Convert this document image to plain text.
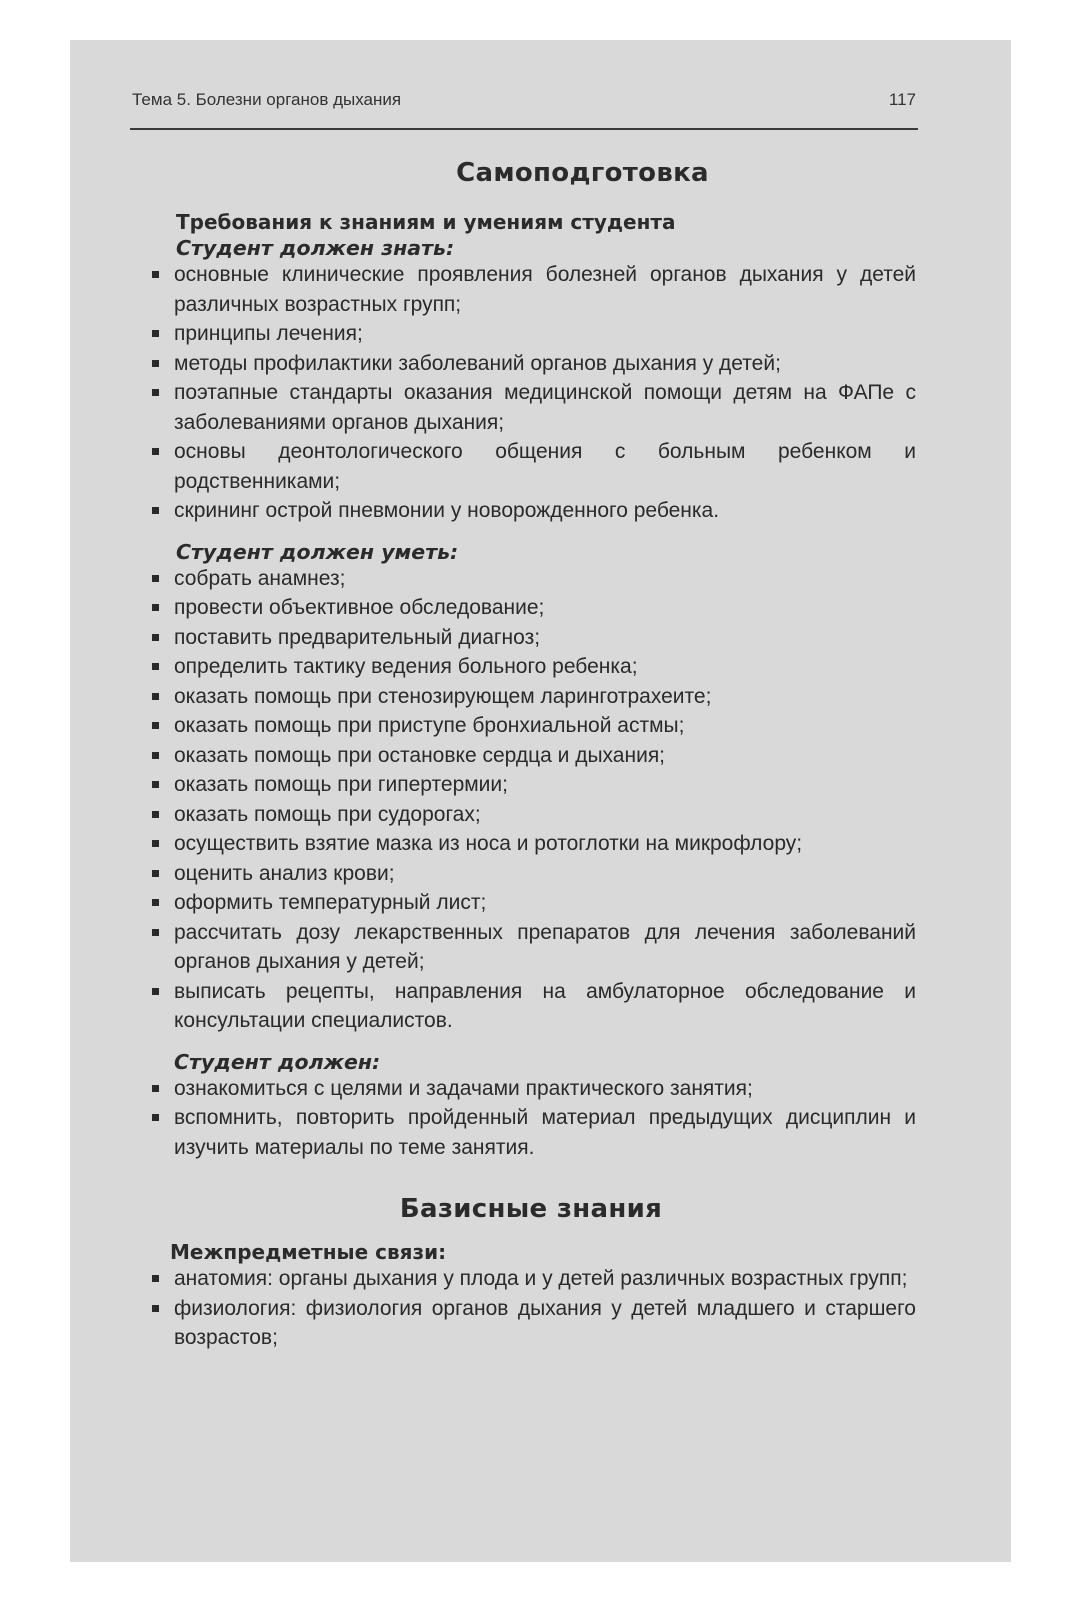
Тема 5. Болезни органов дыхания	117
Самоподготовка

Требования к знаниям и умениям студента

Студент должен знать:

основные клинические проявления болезней органов дыхания у детей различных возрастных групп;
принципы лечения;
методы профилактики заболеваний органов дыхания у детей;
поэтапные стандарты оказания медицинской помощи детям на ФАПе с заболеваниями органов дыхания;
основы деонтологического общения с больным ребенком и родственниками;
скрининг острой пневмонии у новорожденного ребенка.

Студент должен уметь:

собрать анамнез;
провести объективное обследование;
поставить предварительный диагноз;
определить тактику ведения больного ребенка;
оказать помощь при стенозирующем ларинготрахеите;
оказать помощь при приступе бронхиальной астмы;
оказать помощь при остановке сердца и дыхания;
оказать помощь при гипертермии;
оказать помощь при судорогах;
осуществить взятие мазка из носа и ротоглотки на микрофлору;
оценить анализ крови;
оформить температурный лист;
рассчитать дозу лекарственных препаратов для лечения заболеваний органов дыхания у детей;
выписать рецепты, направления на амбулаторное обследование и консультации специалистов.

Студент должен:

ознакомиться с целями и задачами практического занятия;
вспомнить, повторить пройденный материал предыдущих дисциплин и изучить материалы по теме занятия.
Базисные знания

Межпредметные связи:

анатомия: органы дыхания у плода и у детей различных возрастных групп;
физиология: физиология органов дыхания у детей младшего и старшего возрастов;
